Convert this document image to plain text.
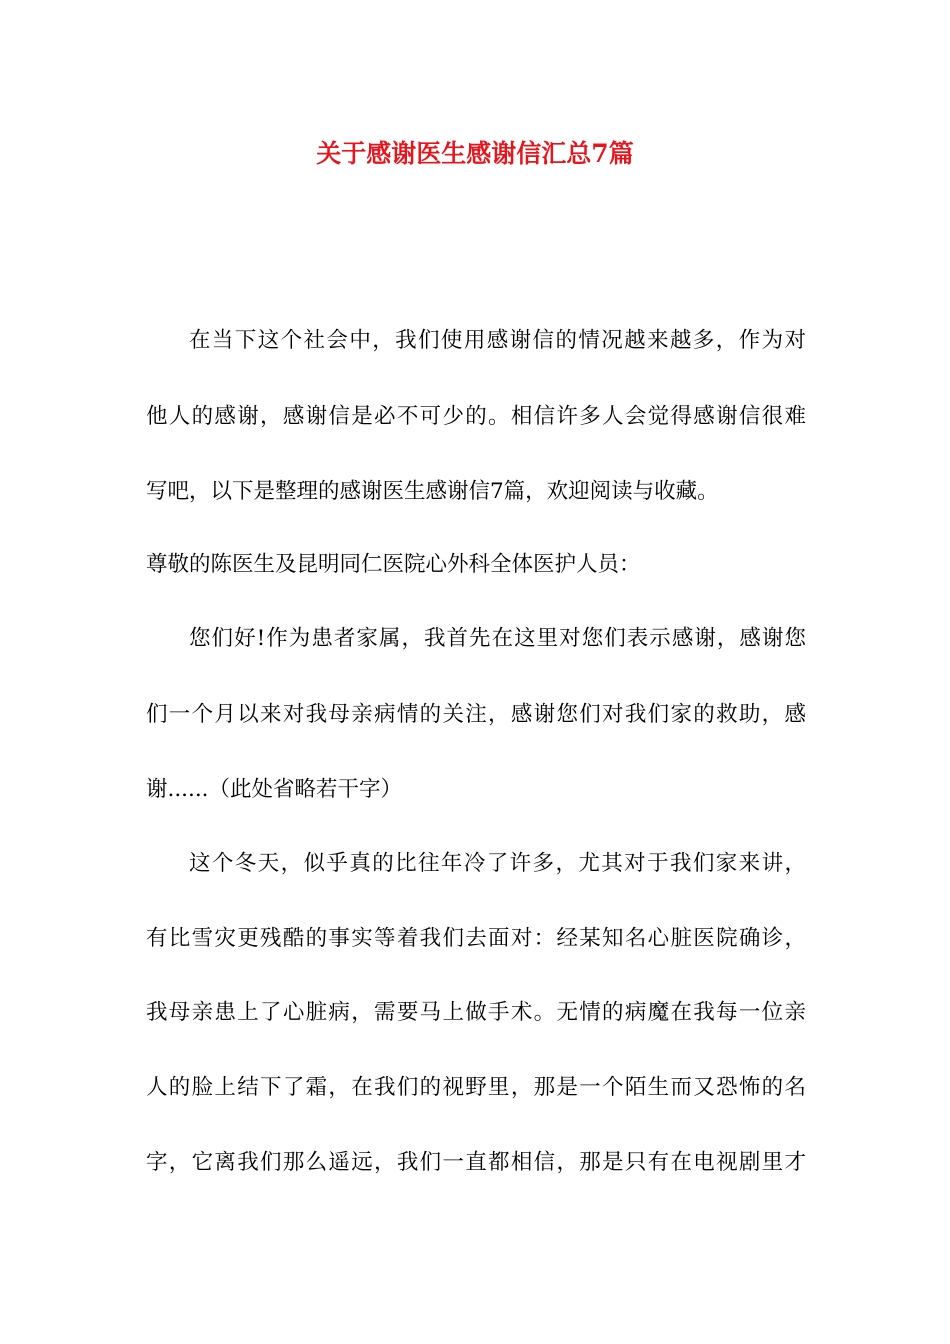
关于感谢医生感谢信汇总7篇

在当下这个社会中，我们使用感谢信的情况越来越多，作为对

他人的感谢，感谢信是必不可少的。相信许多人会觉得感谢信很难

写吧，以下是整理的感谢医生感谢信7篇，欢迎阅读与收藏。

尊敬的陈医生及昆明同仁医院心外科全体医护人员：

您们好!作为患者家属，我首先在这里对您们表示感谢，感谢您

们一个月以来对我母亲病情的关注，感谢您们对我们家的救助，感

谢......（此处省略若干字）

这个冬天，似乎真的比往年冷了许多，尤其对于我们家来讲，

有比雪灾更残酷的事实等着我们去面对：经某知名心脏医院确诊，

我母亲患上了心脏病，需要马上做手术。无情的病魔在我每一位亲

人的脸上结下了霜，在我们的视野里，那是一个陌生而又恐怖的名

字，它离我们那么遥远，我们一直都相信，那是只有在电视剧里才
